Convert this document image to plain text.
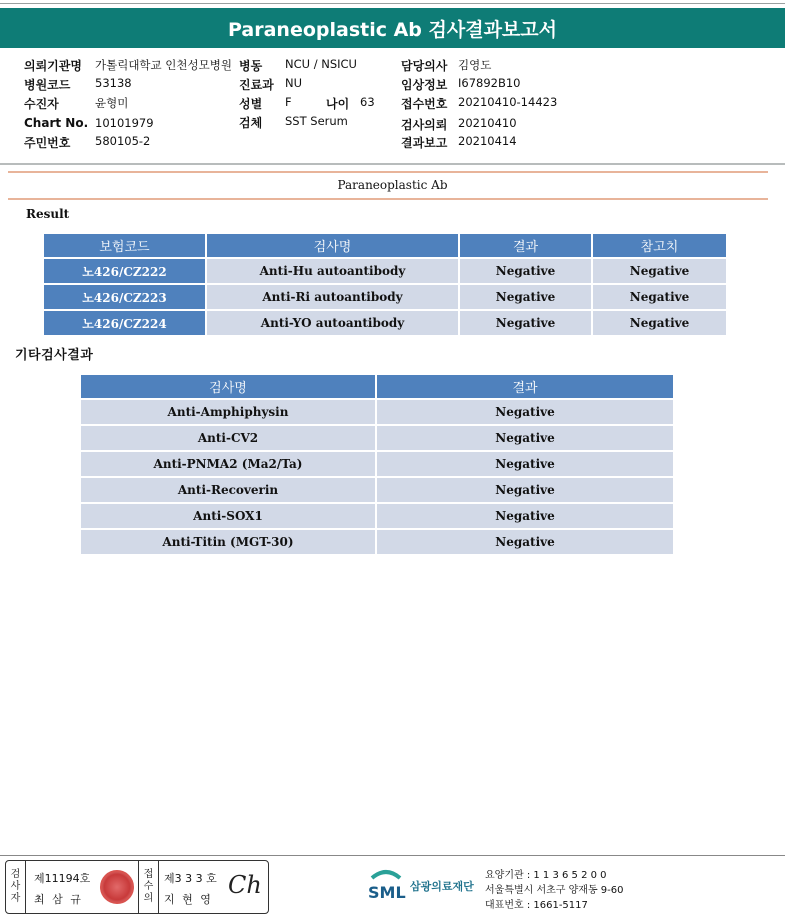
Paraneoplastic Ab 검사결과보고서
의뢰기관명 가톨릭대학교 인천성모병원
병원코드 53138
수진자	윤형미
Chart No. 10101979
주민번호 580105-2
병동 NCU / NSICU
진료과 NU
성별 F	나이 63
검체 SST Serum
담당의사 김영도
임상정보 I67892B10
접수번호 20210410-14423
검사의뢰 20210410
결과보고 20210414
Paraneoplastic Ab
Result
보험코드	검사명	결과	참고치
노426/CZ222	Anti-Hu autoantibody	Negative	Negative
노426/CZ223	Anti-Ri autoantibody	Negative	Negative
노426/CZ224	Anti-YO autoantibody	Negative	Negative
기타검사결과
검사명	결과
Anti-Amphiphysin	Negative
Anti-CV2	Negative
Anti-PNMA2 (Ma2/Ta)	Negative
Anti-Recoverin	Negative
Anti-SOX1	Negative
Anti-Titin (MGT-30)	Negative
검
사
자
제11194호
최 삼 규
접
수
의
제3 3 3 호
지 현 영
Ch	SML 삼광의료재단
요양기관 : 1 1 3 6 5 2 0 0
서울특별시 서초구 양재동 9-60
대표번호 : 1661-5117
